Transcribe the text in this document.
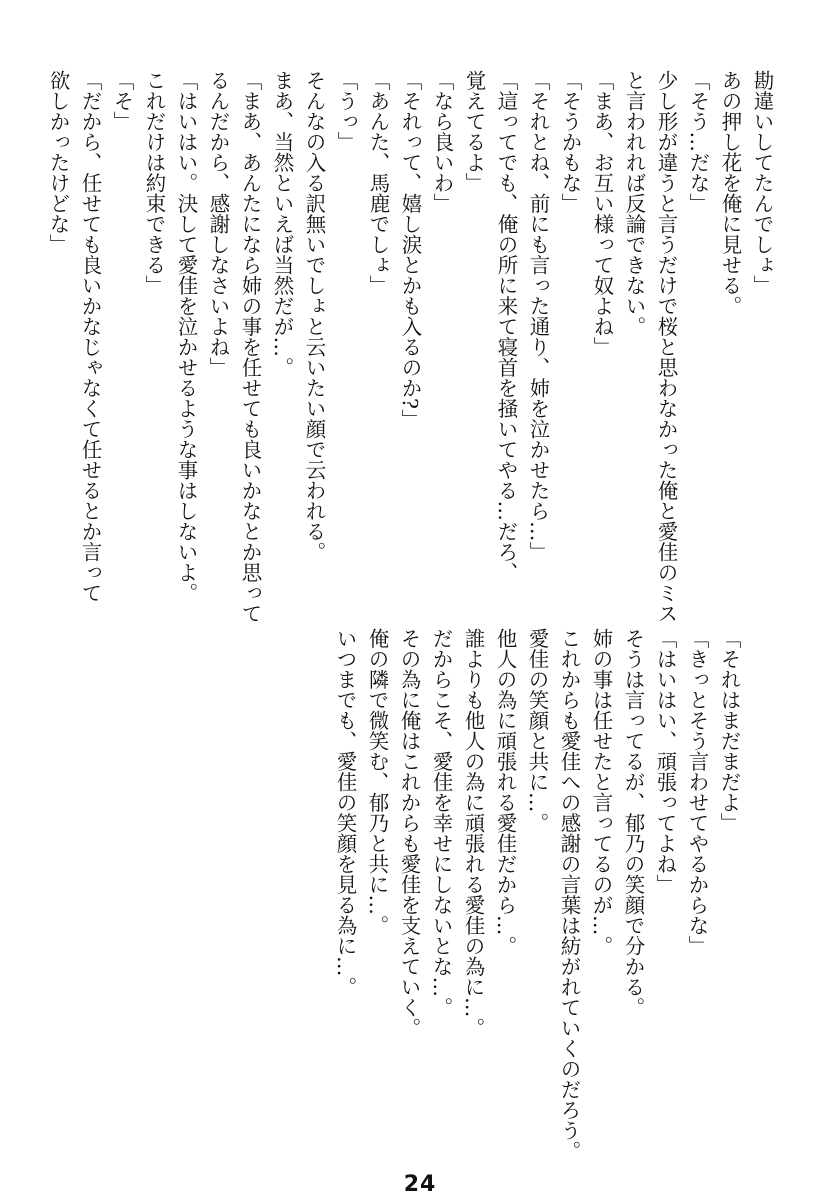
勘違いしてたんでしょ」
あの押し花を俺に見せる。
「そう…だな」
少し形が違うと言うだけで桜と思わなかった俺と愛佳のミス
と言われれば反論できない。
「まあ、お互い様って奴よね」
「そうかもな」
「それとね、前にも言った通り、姉を泣かせたら…」
「這ってでも、俺の所に来て寝首を掻いてやる…だろ、
覚えてるよ」
「なら良いわ」
「それって、嬉し涙とかも入るのか?」
「あんた、馬鹿でしょ」
「うっ」
そんなの入る訳無いでしょと云いたい顔で云われる。
まあ、当然といえば当然だが…。
「まあ、あんたになら姉の事を任せても良いかなとか思って
るんだから、感謝しなさいよね」
「はいはい。決して愛佳を泣かせるような事はしないよ。
これだけは約束できる」
「そ」
「だから、任せても良いかなじゃなくて任せるとか言って
欲しかったけどな」
「それはまだまだよ」
「きっとそう言わせてやるからな」
「はいはい、頑張ってよね」
そうは言ってるが、郁乃の笑顔で分かる。
姉の事は任せたと言ってるのが…。
これからも愛佳への感謝の言葉は紡がれていくのだろう。
愛佳の笑顔と共に…。
他人の為に頑張れる愛佳だから…。
誰よりも他人の為に頑張れる愛佳の為に…。
だからこそ、愛佳を幸せにしないとな…。
その為に俺はこれからも愛佳を支えていく。
俺の隣で微笑む、郁乃と共に…。
いつまでも、愛佳の笑顔を見る為に…。
24
